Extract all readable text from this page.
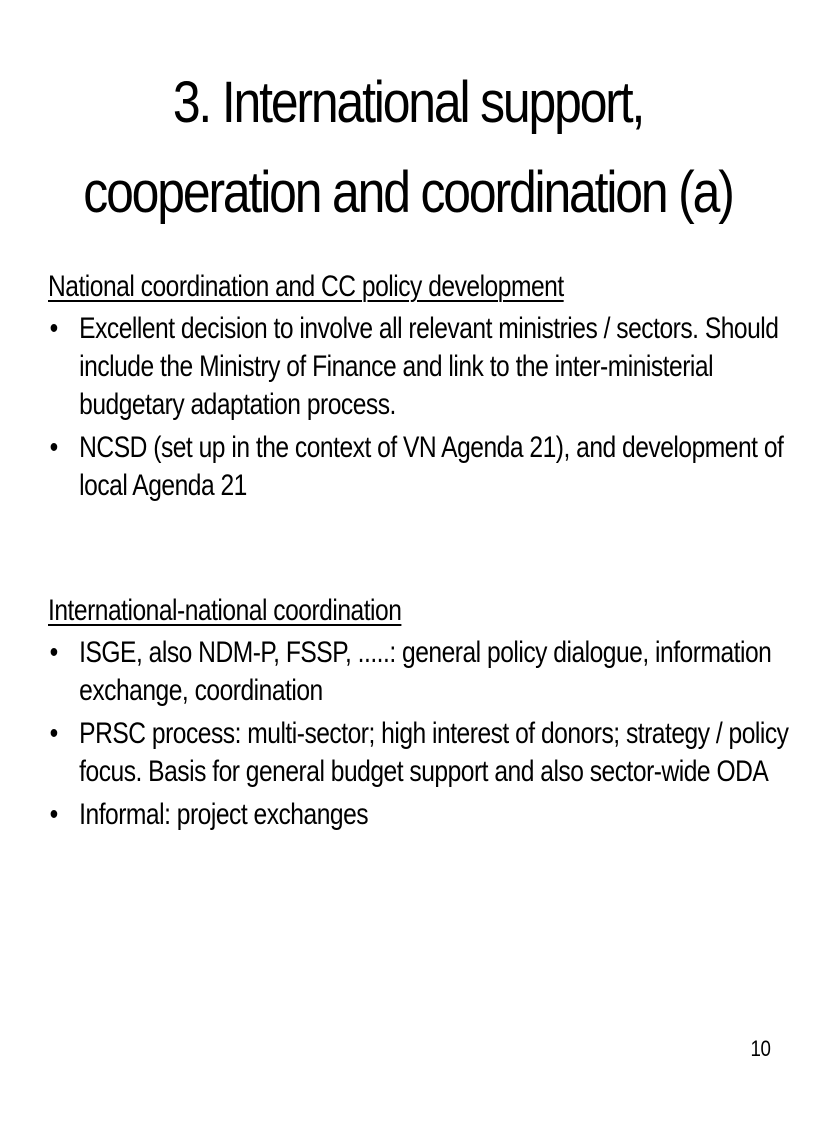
3. International support,
cooperation and coordination (a)
National coordination and CC policy development
• Excellent decision to involve all relevant ministries / sectors. Should include the Ministry of Finance and link to the inter-ministerial budgetary adaptation process.
• NCSD (set up in the context of VN Agenda 21), and development of local Agenda 21
International-national coordination
• ISGE, also NDM-P, FSSP, .....: general policy dialogue, information exchange, coordination
• PRSC process: multi-sector; high interest of donors; strategy / policy focus. Basis for general budget support and also sector-wide ODA
• Informal: project exchanges
10
